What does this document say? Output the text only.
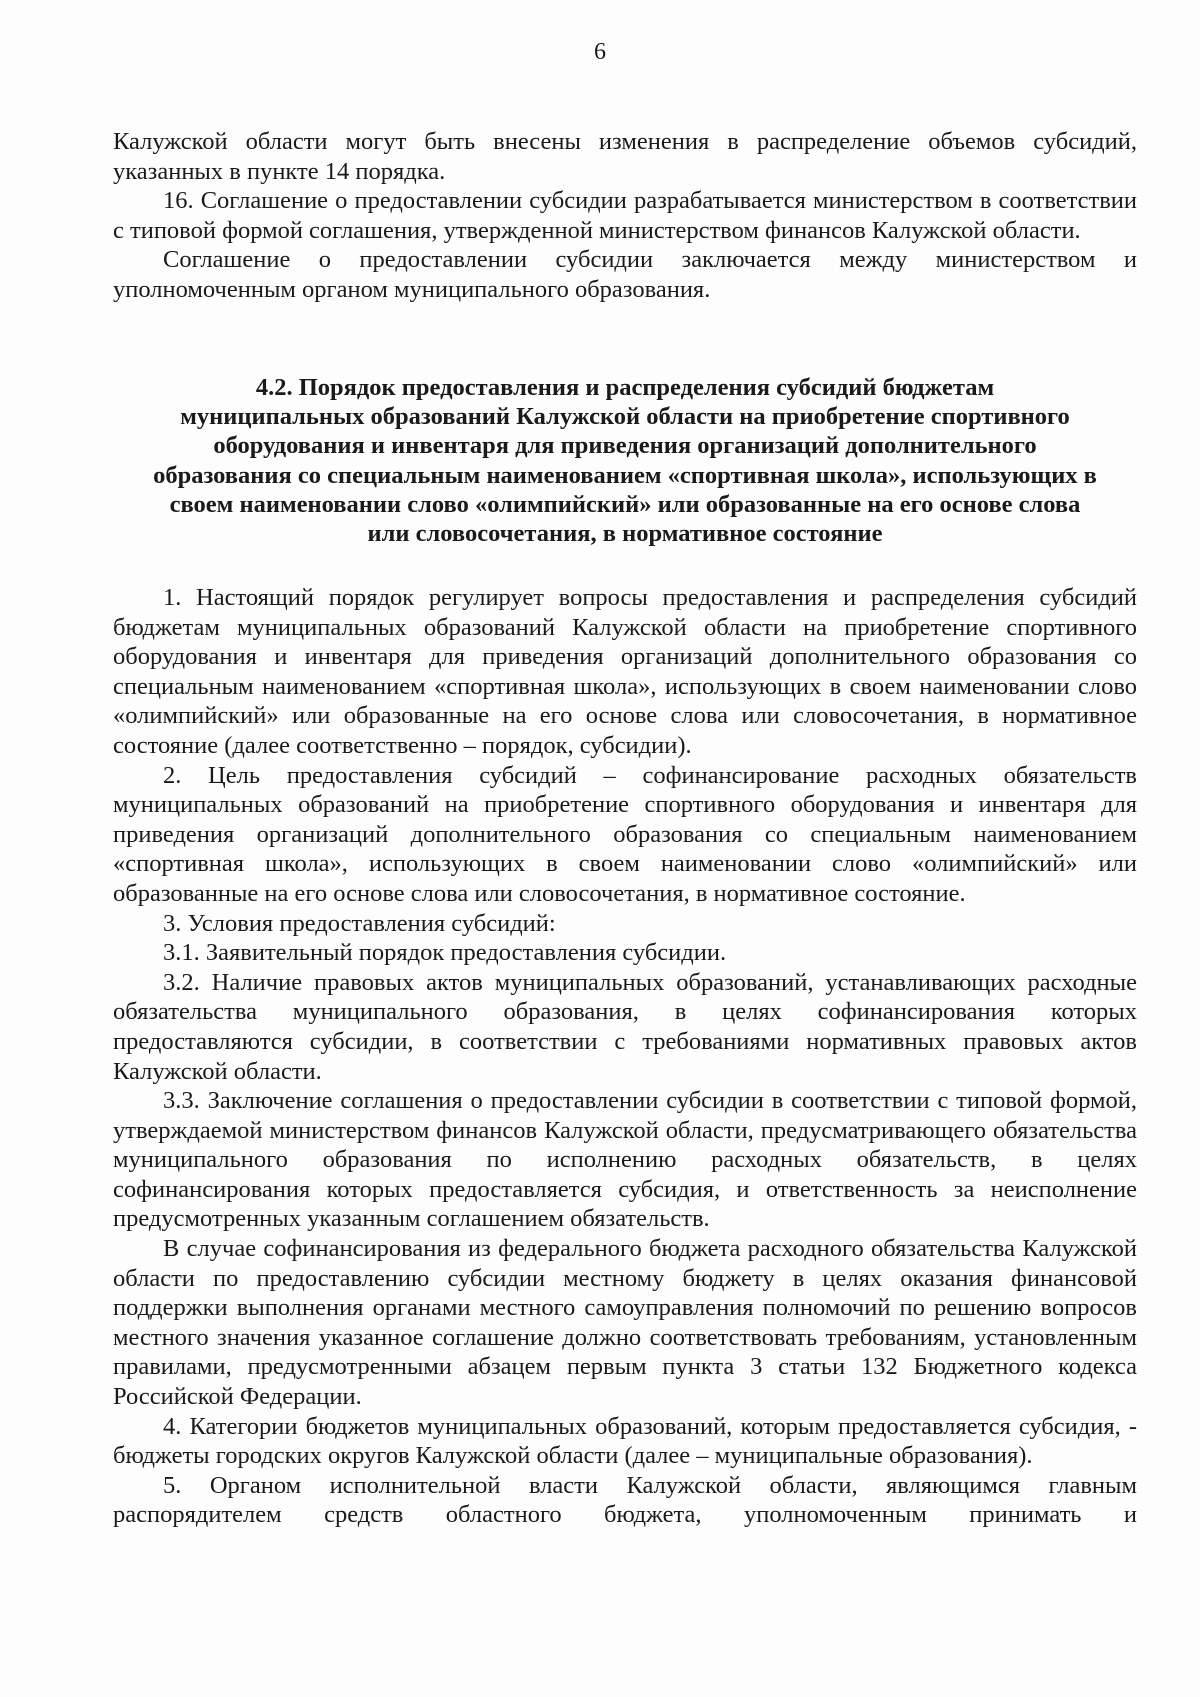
6

Калужской области могут быть внесены изменения в распределение объемов субсидий, указанных в пункте 14 порядка.

16. Соглашение о предоставлении субсидии разрабатывается министерством в соответствии с типовой формой соглашения, утвержденной министерством финансов Калужской области.

Соглашение о предоставлении субсидии заключается между министерством и уполномоченным органом муниципального образования.

4.2. Порядок предоставления и распределения субсидий бюджетам
муниципальных образований Калужской области на приобретение спортивного
оборудования и инвентаря для приведения организаций дополнительного
образования со специальным наименованием «спортивная школа», использующих в
своем наименовании слово «олимпийский» или образованные на его основе слова
или словосочетания, в нормативное состояние

1. Настоящий порядок регулирует вопросы предоставления и распределения субсидий бюджетам муниципальных образований Калужской области на приобретение спортивного оборудования и инвентаря для приведения организаций дополнительного образования со специальным наименованием «спортивная школа», использующих в своем наименовании слово «олимпийский» или образованные на его основе слова или словосочетания, в нормативное состояние (далее соответственно – порядок, субсидии).

2. Цель предоставления субсидий – софинансирование расходных обязательств муниципальных образований на приобретение спортивного оборудования и инвентаря для приведения организаций дополнительного образования со специальным наименованием «спортивная школа», использующих в своем наименовании слово «олимпийский» или образованные на его основе слова или словосочетания, в нормативное состояние.

3. Условия предоставления субсидий:

3.1. Заявительный порядок предоставления субсидии.

3.2. Наличие правовых актов муниципальных образований, устанавливающих расходные обязательства муниципального образования, в целях софинансирования которых предоставляются субсидии, в соответствии с требованиями нормативных правовых актов Калужской области.

3.3. Заключение соглашения о предоставлении субсидии в соответствии с типовой формой, утверждаемой министерством финансов Калужской области, предусматривающего обязательства муниципального образования по исполнению расходных обязательств, в целях софинансирования которых предоставляется субсидия, и ответственность за неисполнение предусмотренных указанным соглашением обязательств.

В случае софинансирования из федерального бюджета расходного обязательства Калужской области по предоставлению субсидии местному бюджету в целях оказания финансовой поддержки выполнения органами местного самоуправления полномочий по решению вопросов местного значения указанное соглашение должно соответствовать требованиям, установленным правилами, предусмотренными абзацем первым пункта 3 статьи 132 Бюджетного кодекса Российской Федерации.

4. Категории бюджетов муниципальных образований, которым предоставляется субсидия, - бюджеты городских округов Калужской области (далее – муниципальные образования).

5. Органом исполнительной власти Калужской области, являющимся главным распорядителем средств областного бюджета, уполномоченным принимать и
